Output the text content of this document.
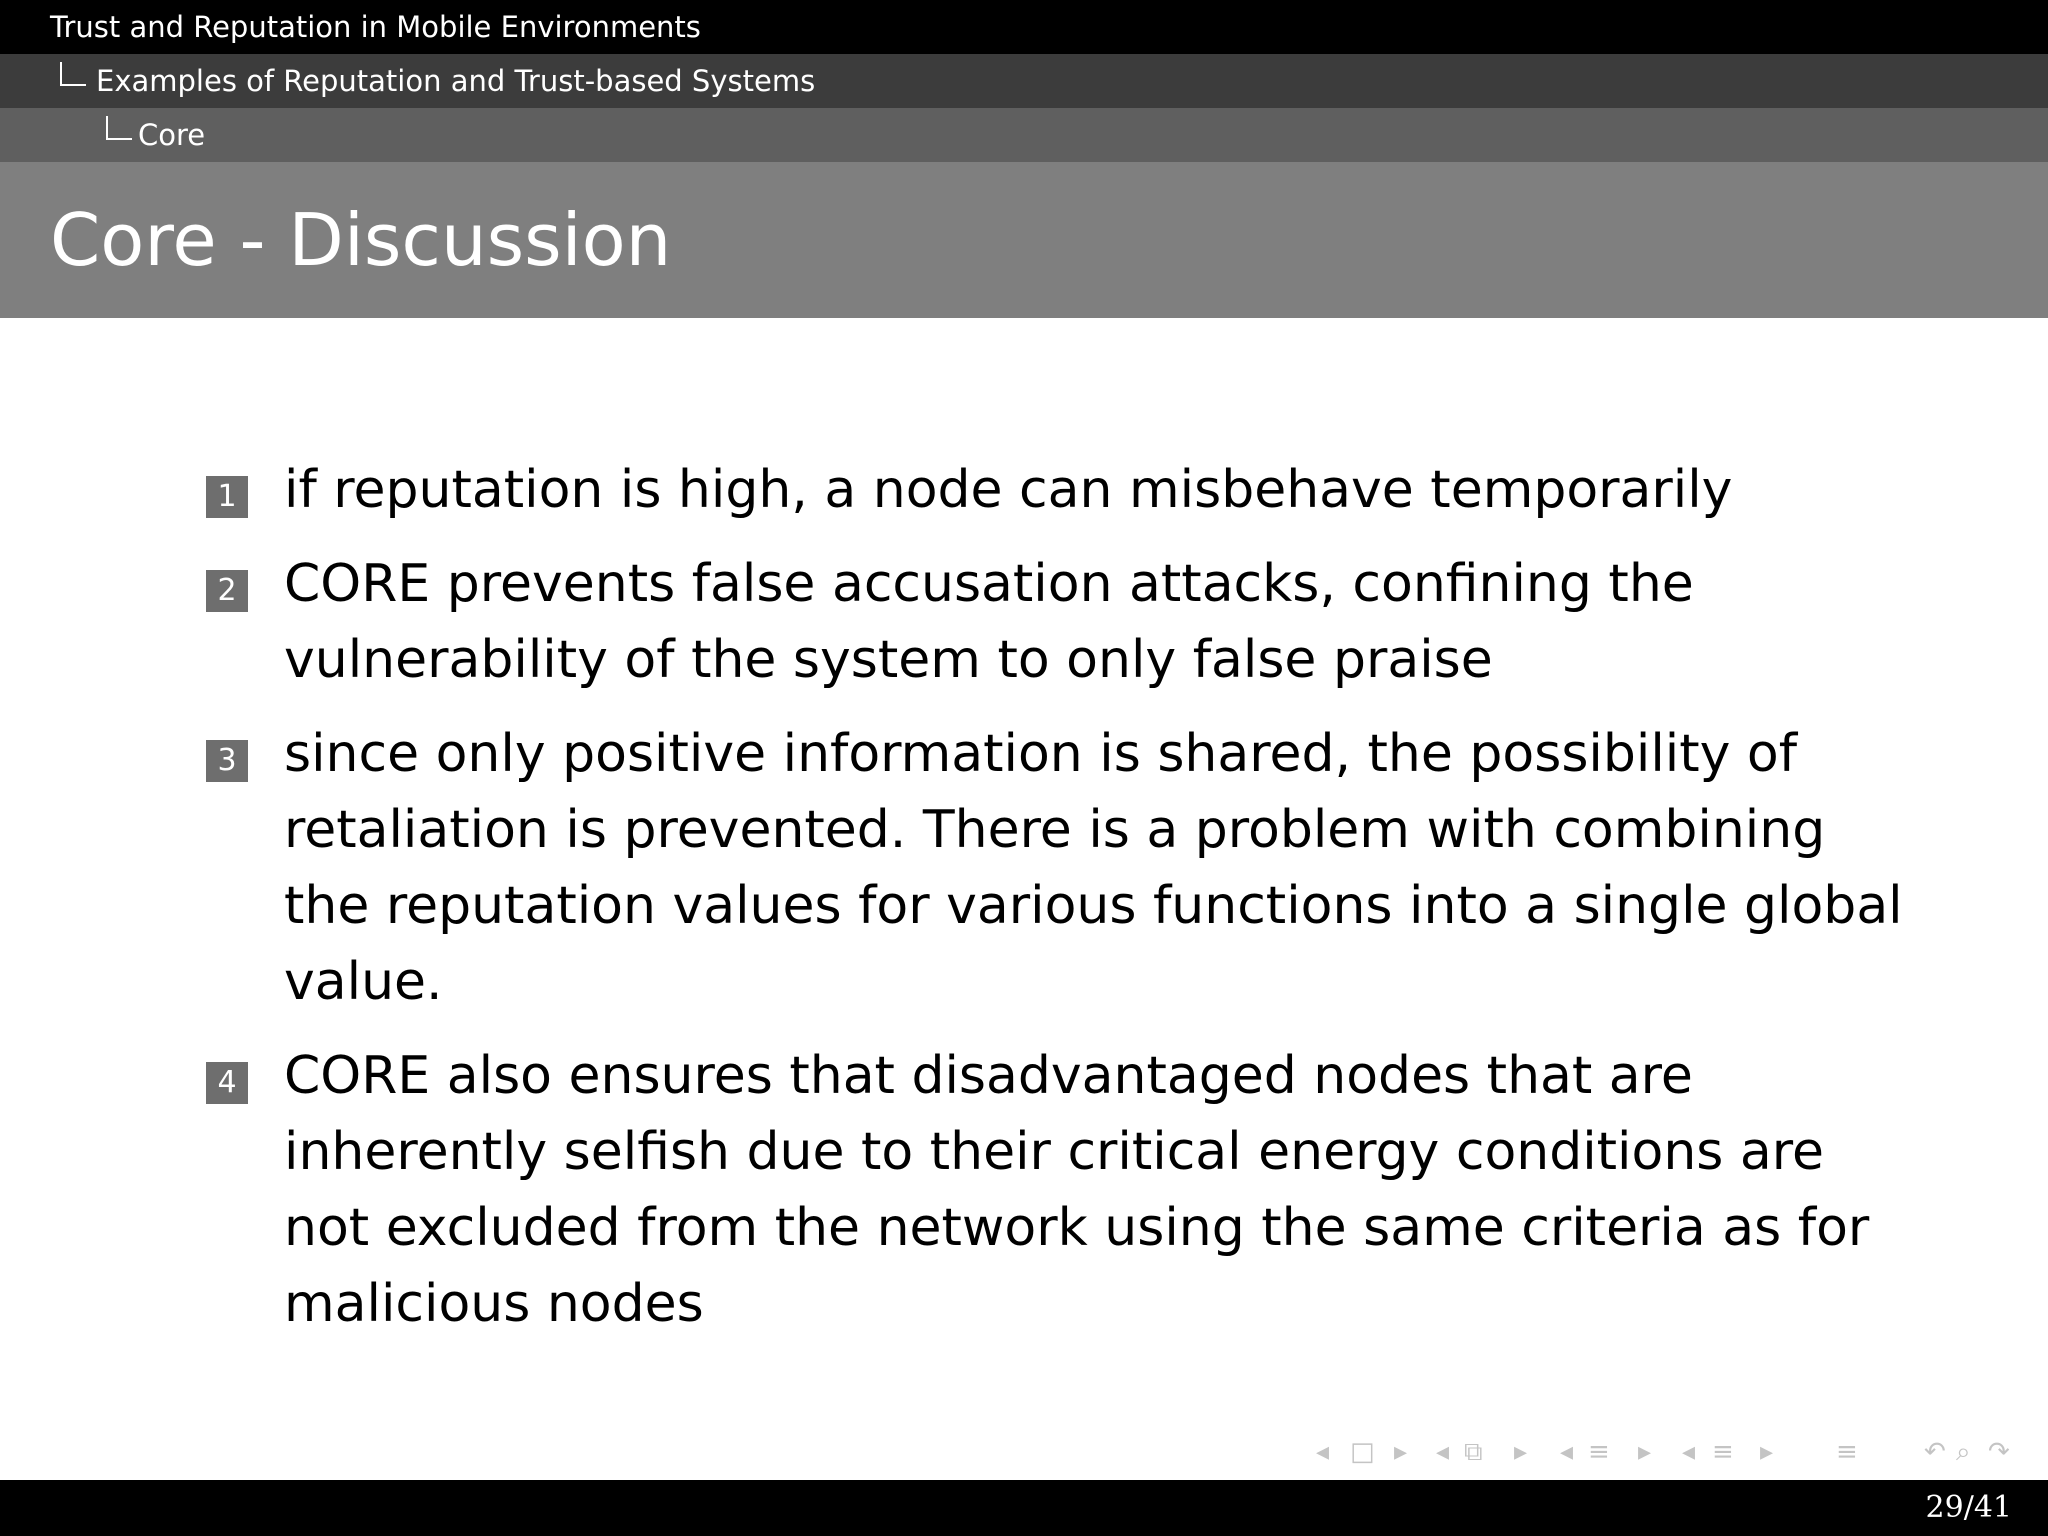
Trust and Reputation in Mobile Environments
Examples of Reputation and Trust-based Systems
Core
Core - Discussion
1 if reputation is high, a node can misbehave temporarily
2 CORE prevents false accusation attacks, confining the vulnerability of the system to only false praise
3 since only positive information is shared, the possibility of retaliation is prevented. There is a problem with combining the reputation values for various functions into a single global value.
4 CORE also ensures that disadvantaged nodes that are inherently selfish due to their critical energy conditions are not excluded from the network using the same criteria as for malicious nodes
◂ □ ▸ ◂ ⧉ ▸ ◂ ≡ ▸ ◂ ≡ ▸ ≡	↶ ⌕ ↷
29/41
